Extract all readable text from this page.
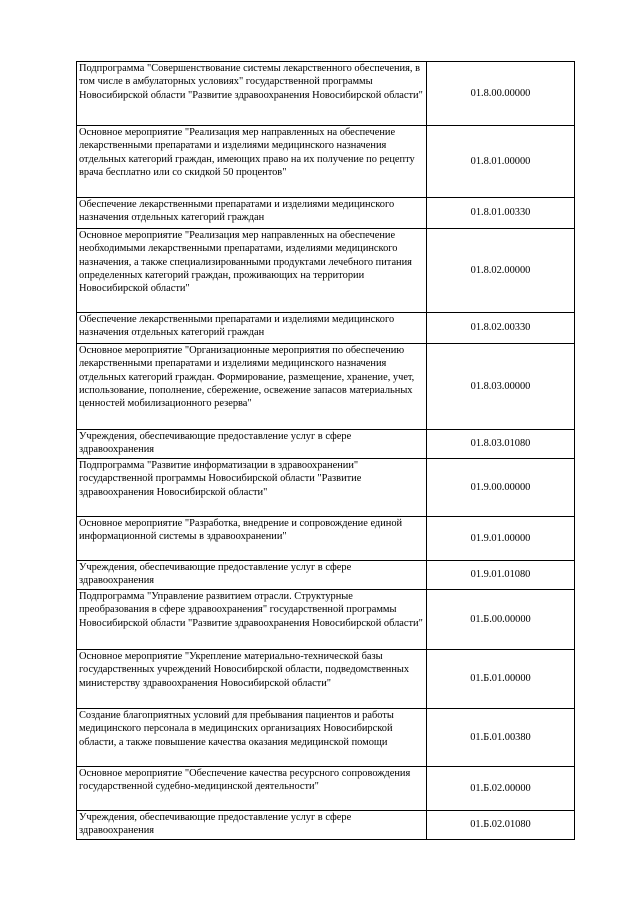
Подпрограмма "Совершенствование системы лекарственного обеспечения, в том числе в амбулаторных условиях" государственной программы Новосибирской области "Развитие здравоохранения Новосибирской области"	01.8.00.00000
Основное мероприятие "Реализация мер направленных на обеспечение лекарственными препаратами и изделиями медицинского назначения отдельных категорий граждан, имеющих право на их получение по рецепту врача бесплатно или со скидкой 50 процентов"	01.8.01.00000
Обеспечение лекарственными препаратами и изделиями медицинского назначения отдельных категорий граждан	01.8.01.00330
Основное мероприятие "Реализация мер направленных на обеспечение необходимыми лекарственными препаратами, изделиями медицинского назначения, а также специализированными продуктами лечебного питания определенных категорий граждан, проживающих на территории Новосибирской области"	01.8.02.00000
Обеспечение лекарственными препаратами и изделиями медицинского назначения отдельных категорий граждан	01.8.02.00330
Основное мероприятие "Организационные мероприятия по обеспечению лекарственными препаратами и изделиями медицинского назначения отдельных категорий граждан. Формирование, размещение, хранение, учет, использование, пополнение, сбережение, освежение запасов материальных ценностей мобилизационного резерва"	01.8.03.00000
Учреждения, обеспечивающие предоставление услуг в сфере здравоохранения	01.8.03.01080
Подпрограмма "Развитие информатизации в здравоохранении" государственной программы Новосибирской области "Развитие здравоохранения Новосибирской области"	01.9.00.00000
Основное мероприятие "Разработка, внедрение и сопровождение единой информационной системы в здравоохранении"	01.9.01.00000
Учреждения, обеспечивающие предоставление услуг в сфере здравоохранения	01.9.01.01080
Подпрограмма "Управление развитием отрасли. Структурные преобразования в сфере здравоохранения" государственной программы Новосибирской области "Развитие здравоохранения Новосибирской области"	01.Б.00.00000
Основное мероприятие "Укрепление материально-технической базы государственных учреждений Новосибирской области, подведомственных министерству здравоохранения Новосибирской области"	01.Б.01.00000
Создание благоприятных условий для пребывания пациентов и работы медицинского персонала в медицинских организациях Новосибирской области, а также повышение качества оказания медицинской помощи	01.Б.01.00380
Основное мероприятие "Обеспечение качества ресурсного сопровождения государственной судебно-медицинской деятельности"	01.Б.02.00000
Учреждения, обеспечивающие предоставление услуг в сфере здравоохранения	01.Б.02.01080
